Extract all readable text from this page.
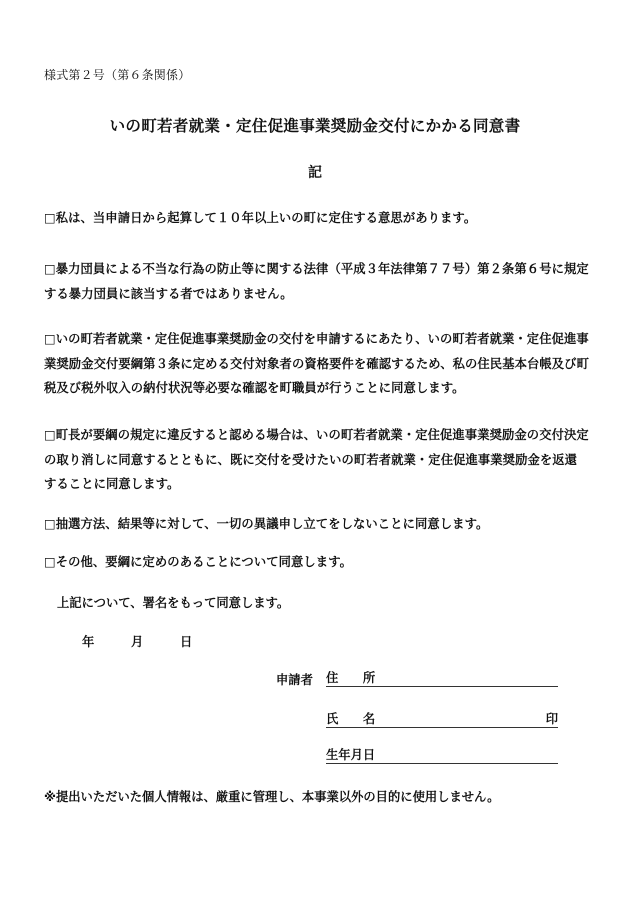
様式第２号（第６条関係）
いの町若者就業・定住促進事業奨励金交付にかかる同意書
記

□私は、当申請日から起算して１０年以上いの町に定住する意思があります。

□暴力団員による不当な行為の防止等に関する法律（平成３年法律第７７号）第２条第６号に規定する暴力団員に該当する者ではありません。

□いの町若者就業・定住促進事業奨励金の交付を申請するにあたり、いの町若者就業・定住促進事業奨励金交付要綱第３条に定める交付対象者の資格要件を確認するため、私の住民基本台帳及び町税及び税外収入の納付状況等必要な確認を町職員が行うことに同意します。

□町長が要綱の規定に違反すると認める場合は、いの町若者就業・定住促進事業奨励金の交付決定の取り消しに同意するとともに、既に交付を受けたいの町若者就業・定住促進事業奨励金を返還することに同意します。

□抽選方法、結果等に対して、一切の異議申し立てをしないことに同意します。

□その他、要綱に定めのあることについて同意します。

上記について、署名をもって同意します。
年	月	日
申請者 住　　所
氏　　名	印
生年月日
※提出いただいた個人情報は、厳重に管理し、本事業以外の目的に使用しません。
